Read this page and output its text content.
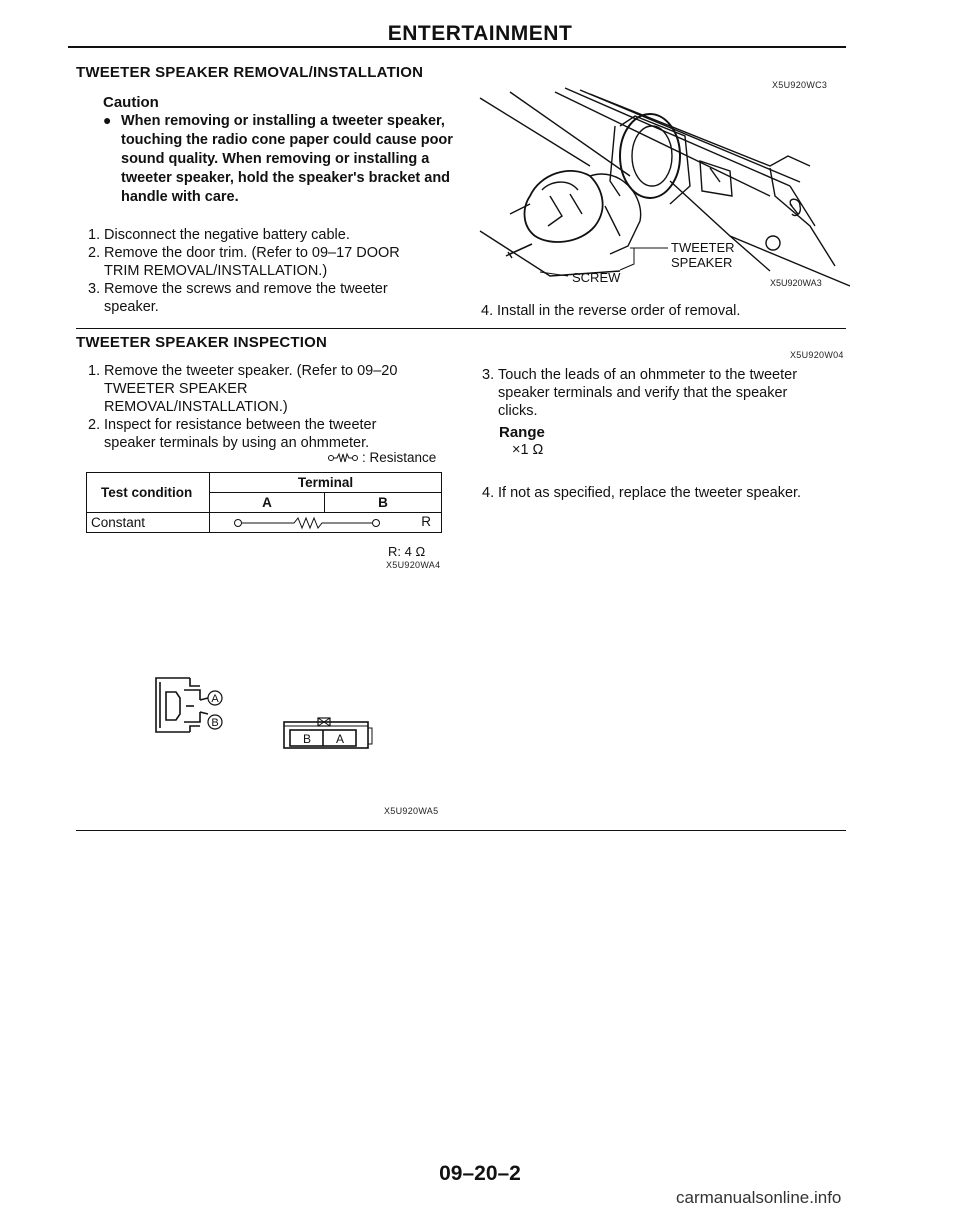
ENTERTAINMENT
TWEETER SPEAKER REMOVAL/INSTALLATION
X5U920WC3
Caution
● When removing or installing a tweeter speaker, touching the radio cone paper could cause poor sound quality. When removing or installing a tweeter speaker, hold the speaker's bracket and handle with care.
1. Disconnect the negative battery cable.
2. Remove the door trim. (Refer to 09–17 DOOR TRIM REMOVAL/INSTALLATION.)
3. Remove the screws and remove the tweeter speaker.
TWEETER
SPEAKER
SCREW	X5U920WA3
4. Install in the reverse order of removal.
TWEETER SPEAKER INSPECTION
X5U920W04
1. Remove the tweeter speaker. (Refer to 09–20 TWEETER SPEAKER REMOVAL/INSTALLATION.)
2. Inspect for resistance between the tweeter speaker terminals by using an ohmmeter.
: Resistance
Test condition	Terminal	
	A	B
Constant	R	
R: 4 Ω
X5U920WA4
3. Touch the leads of an ohmmeter to the tweeter speaker terminals and verify that the speaker clicks.
Range
×1 Ω
4. If not as specified, replace the tweeter speaker.
A
B
B A
X5U920WA5
09–20–2
carmanualsonline.info
